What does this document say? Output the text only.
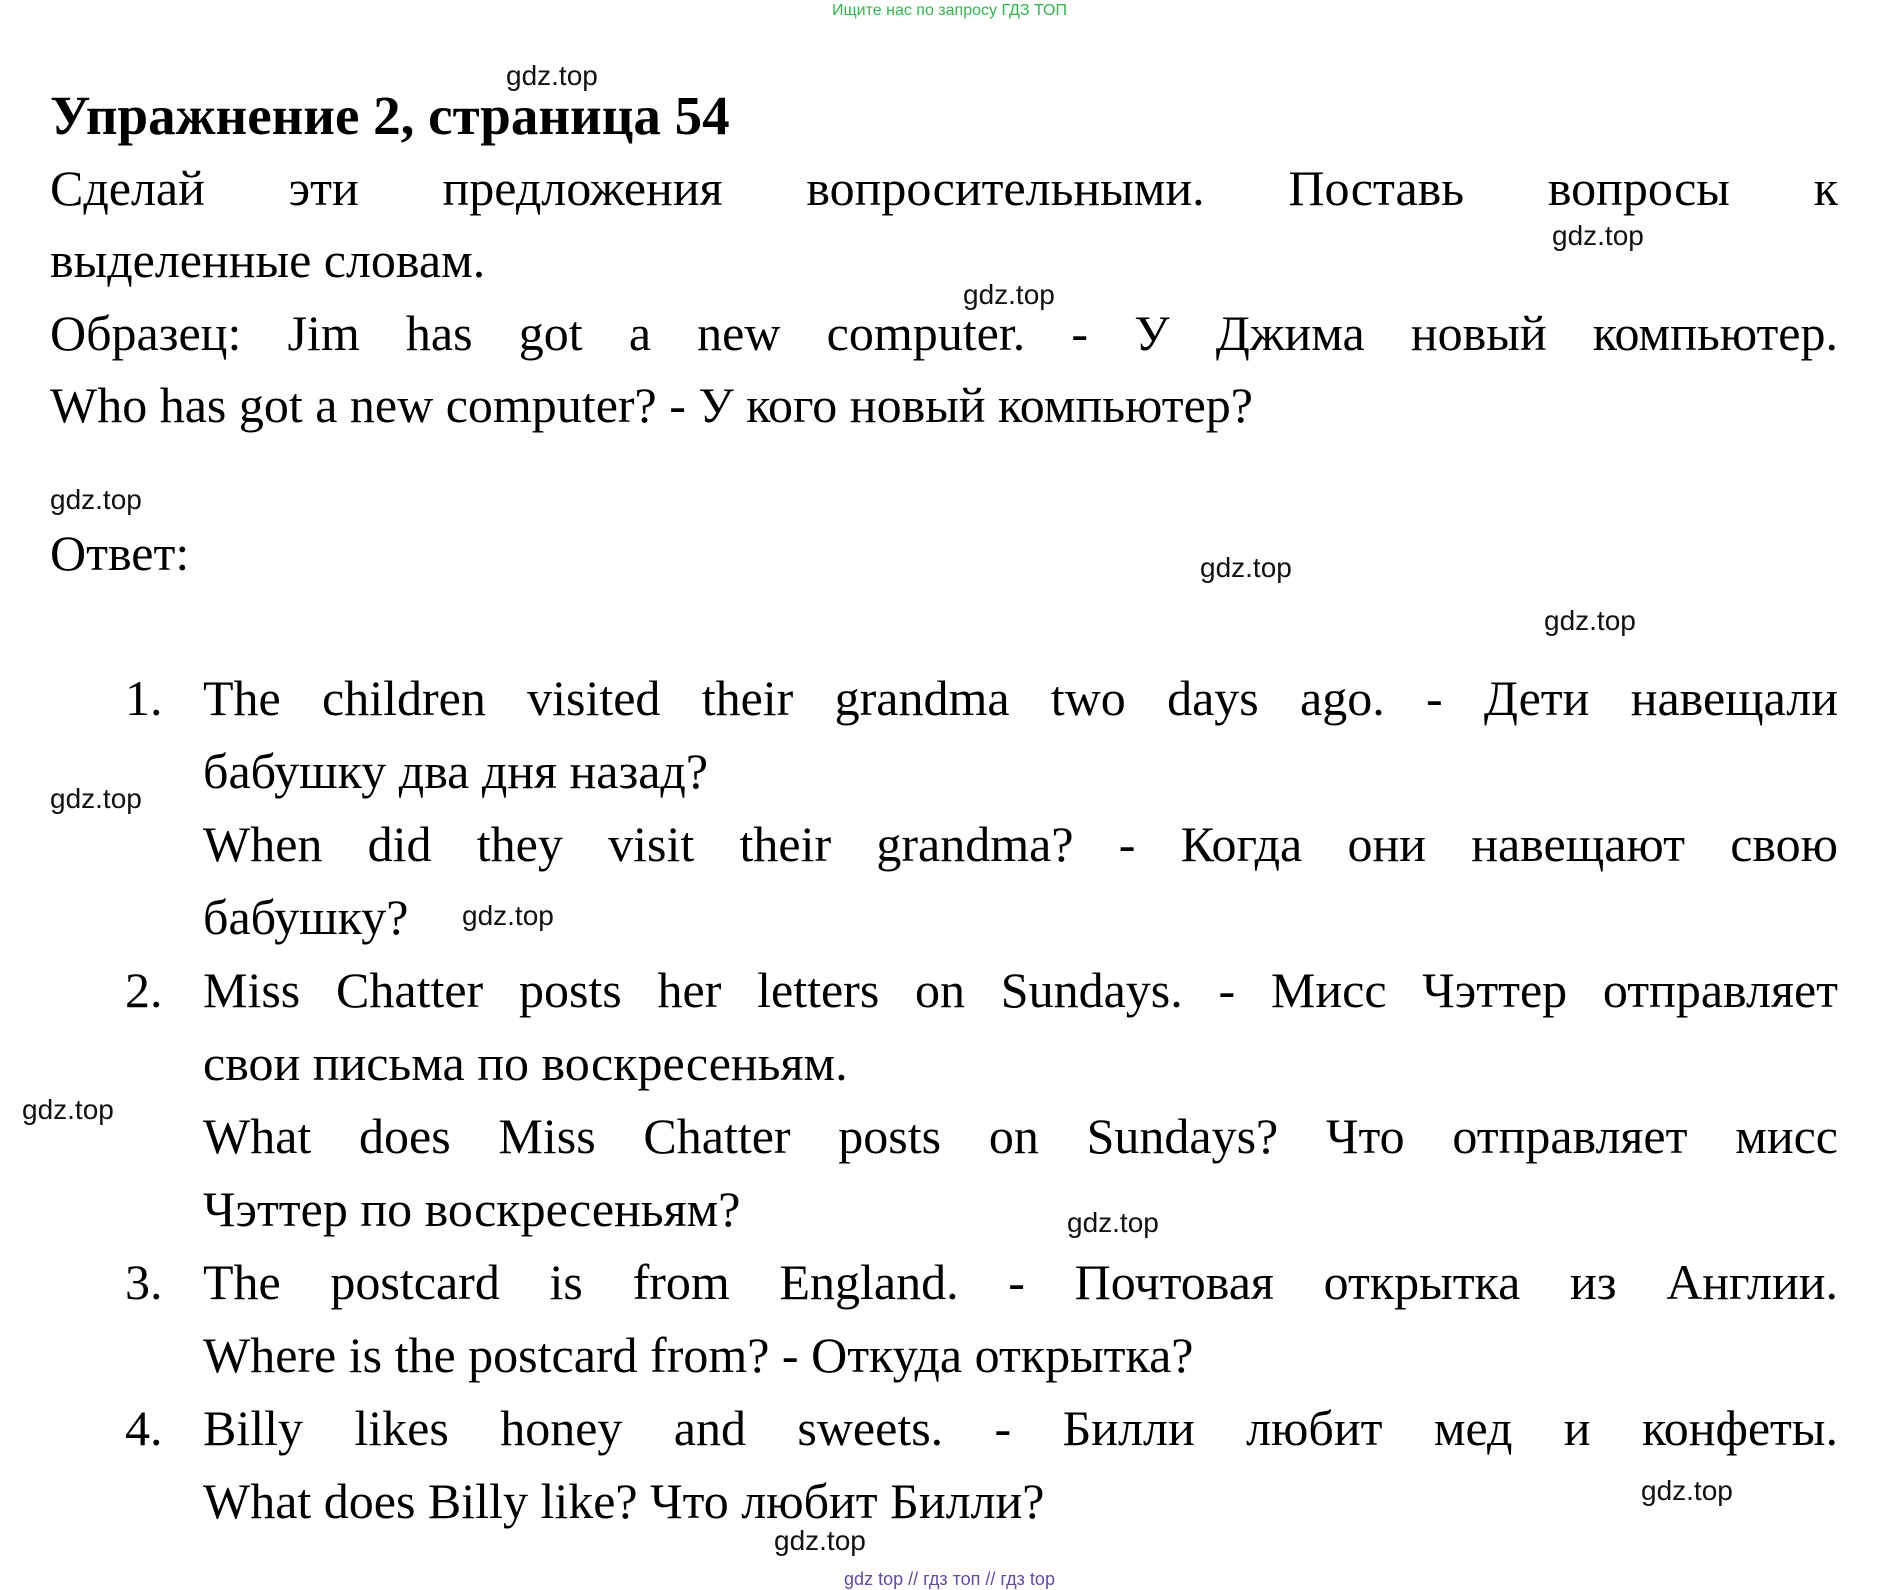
Ищите нас по запросу ГДЗ ТОП
gdz.top
gdz.top
gdz.top
gdz.top
gdz.top
gdz.top
gdz.top
gdz.top
gdz.top
gdz.top
gdz.top
gdz.top
Упражнение 2, страница 54
Сделай эти предложения вопросительными. Поставь вопросы к
выделенные словам.
Образец: Jim has got a new computer. - У Джима новый компьютер.
Who has got a new computer? - У кого новый компьютер?
Ответ:
1. The children visited their grandma two days ago. - Дети навещали
бабушку два дня назад?
When did they visit their grandma? - Когда они навещают свою
бабушку?
2. Miss Chatter posts her letters on Sundays. - Мисс Чэттер отправляет
свои письма по воскресеньям.
What does Miss Chatter posts on Sundays? Что отправляет мисс
Чэттер по воскресеньям?
3. The postcard is from England. - Почтовая открытка из Англии.
Where is the postcard from? - Откуда открытка?
4. Billy likes honey and sweets. - Билли любит мед и конфеты.
What does Billy like? Что любит Билли?
gdz top // гдз топ // гдз top
